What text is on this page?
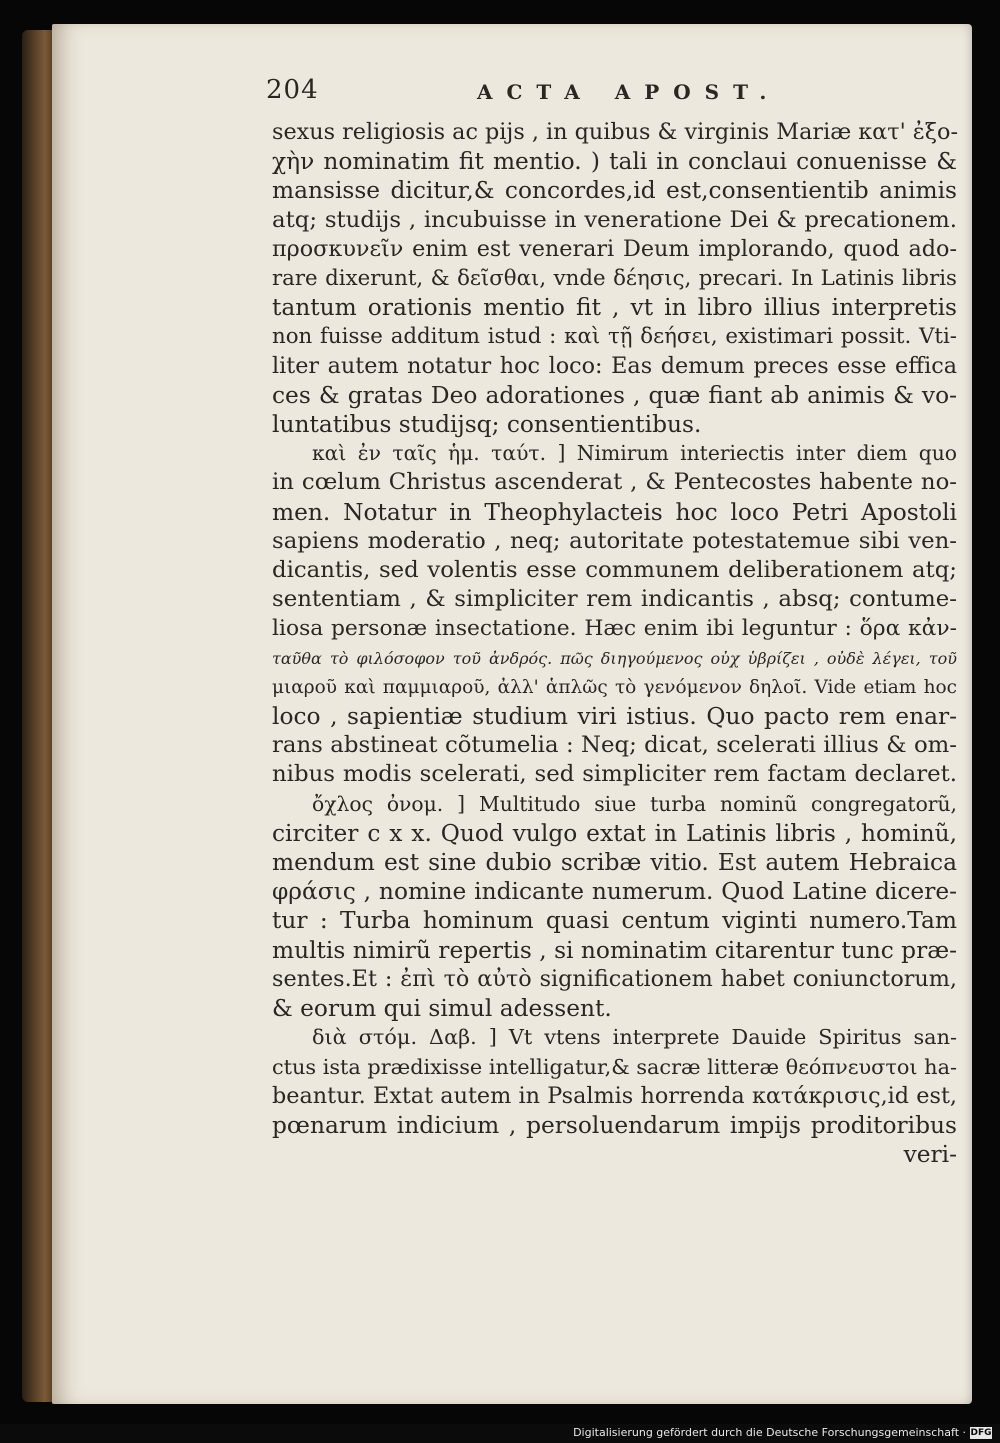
204	ACTA APOST.
sexus religiosis ac pijs , in quibus & virginis Mariæ κατ' ἐξο-
χὴν nominatim fit mentio. ) tali in conclaui conuenisse &
mansisse dicitur,& concordes,id est,consentientib animis
atq; studijs , incubuisse in veneratione Dei & precationem.
προσκυνεῖν enim est venerari Deum implorando, quod ado-
rare dixerunt, & δεῖσθαι, vnde δέησις, precari. In Latinis libris
tantum orationis mentio fit , vt in libro illius interpretis
non fuisse additum istud : καὶ τῇ δεήσει, existimari possit. Vti-
liter autem notatur hoc loco: Eas demum preces esse effica
ces & gratas Deo adorationes , quæ fiant ab animis & vo-
luntatibus studijsq; consentientibus.
καὶ ἐν ταῖς ἡμ. ταύτ. ] Nimirum interiectis inter diem quo
in cœlum Christus ascenderat , & Pentecostes habente no-
men. Notatur in Theophylacteis hoc loco Petri Apostoli
sapiens moderatio , neq; autoritate potestatemue sibi ven-
dicantis, sed volentis esse communem deliberationem atq;
sententiam , & simpliciter rem indicantis , absq; contume-
liosa personæ insectatione. Hæc enim ibi leguntur : ὅρα κἀν-
ταῦθα τὸ φιλόσοφον τοῦ ἀνδρός. πῶς διηγούμενος οὐχ ὑβρίζει , οὐδὲ λέγει, τοῦ
μιαροῦ καὶ παμμιαροῦ, ἀλλ' ἁπλῶς τὸ γενόμενον δηλοῖ. Vide etiam hoc
loco , sapientiæ studium viri istius. Quo pacto rem enar-
rans abstineat cõtumelia : Neq; dicat, scelerati illius & om-
nibus modis scelerati, sed simpliciter rem factam declaret.
ὄχλος ὀνομ. ] Multitudo siue turba nominũ congregatorũ,
circiter c x x. Quod vulgo extat in Latinis libris , hominũ,
mendum est sine dubio scribæ vitio. Est autem Hebraica
φράσις , nomine indicante numerum. Quod Latine dicere-
tur : Turba hominum quasi centum viginti numero.Tam
multis nimirũ repertis , si nominatim citarentur tunc præ-
sentes.Et : ἐπὶ τὸ αὐτὸ significationem habet coniunctorum,
& eorum qui simul adessent.
διὰ στόμ. Δαβ. ] Vt vtens interprete Dauide Spiritus san-
ctus ista prædixisse intelligatur,& sacræ litteræ θεόπνευστοι ha-
beantur. Extat autem in Psalmis horrenda κατάκρισις,id est,
pœnarum indicium , persoluendarum impijs proditoribus
veri-
Digitalisierung gefördert durch die Deutsche Forschungsgemeinschaft · DFG
